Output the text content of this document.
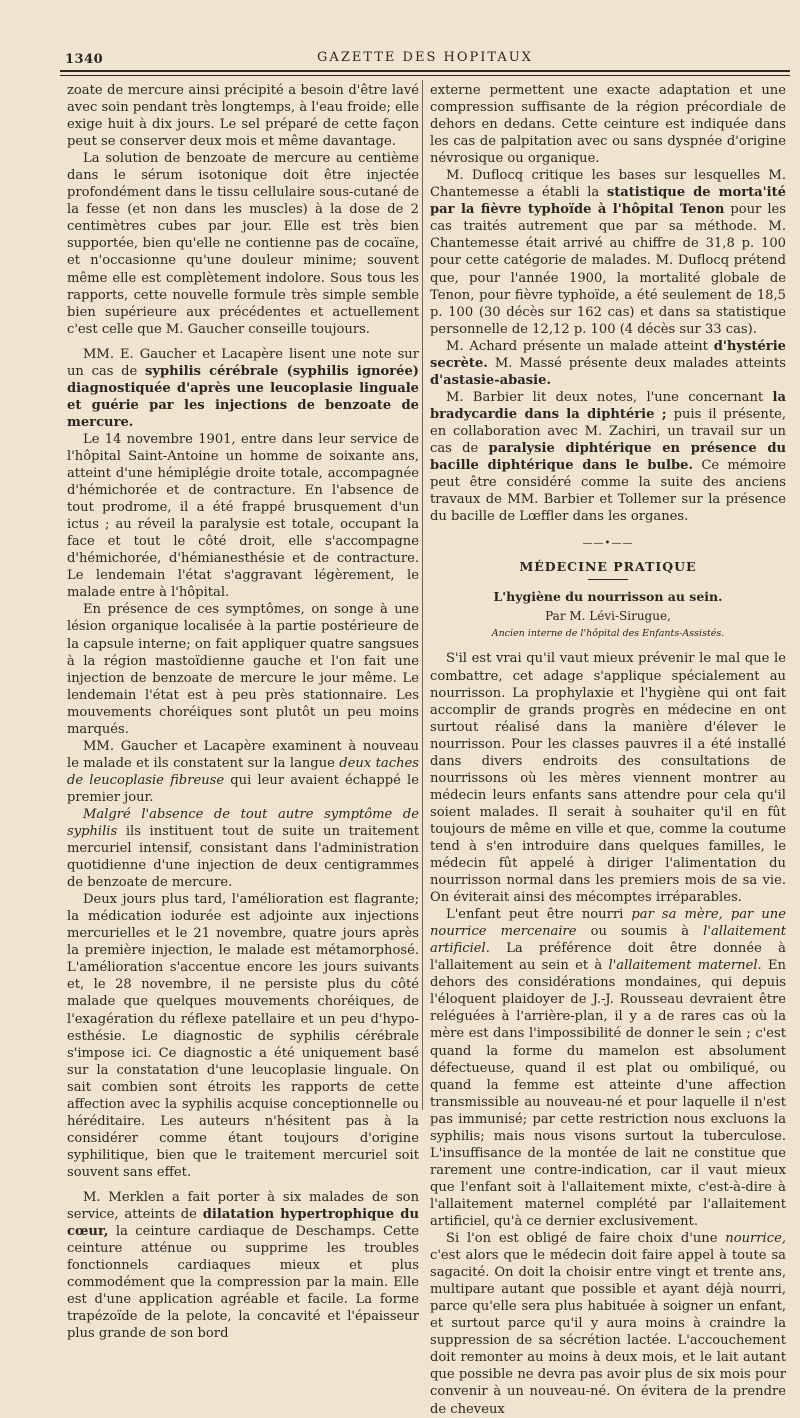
1340	GAZETTE DES HOPITAUX

zoate de mercure ainsi précipité a besoin d'être lavé avec soin pendant très longtemps, à l'eau froide; elle exige huit à dix jours. Le sel préparé de cette façon peut se conserver deux mois et même davantage.

La solution de benzoate de mercure au centième dans le sérum isotonique doit être injectée profondément dans le tissu cellulaire sous-cutané de la fesse (et non dans les muscles) à la dose de 2 centimètres cubes par jour. Elle est très bien supportée, bien qu'elle ne contienne pas de cocaïne, et n'occasionne qu'une douleur minime; souvent même elle est complètement indolore. Sous tous les rapports, cette nouvelle formule très simple semble bien supérieure aux précédentes et actuellement c'est celle que M. Gaucher conseille toujours.

MM. E. Gaucher et Lacapère lisent une note sur un cas de syphilis cérébrale (syphilis ignorée) diagnostiquée d'après une leucoplasie linguale et guérie par les injections de benzoate de mercure.

Le 14 novembre 1901, entre dans leur service de l'hôpital Saint-Antoine un homme de soixante ans, atteint d'une hémiplégie droite totale, accompagnée d'hémichorée et de contracture. En l'absence de tout prodrome, il a été frappé brusquement d'un ictus ; au réveil la paralysie est totale, occupant la face et tout le côté droit, elle s'accompagne d'hémichorée, d'hémianesthésie et de contracture. Le lendemain l'état s'aggravant légèrement, le malade entre à l'hôpital.

En présence de ces symptômes, on songe à une lésion organique localisée à la partie postérieure de la capsule interne; on fait appliquer quatre sangsues à la région mastoïdienne gauche et l'on fait une injection de benzoate de mercure le jour même. Le lendemain l'état est à peu près stationnaire. Les mouvements choréiques sont plutôt un peu moins marqués.

MM. Gaucher et Lacapère examinent à nouveau le malade et ils constatent sur la langue deux taches de leucoplasie fibreuse qui leur avaient échappé le premier jour.

Malgré l'absence de tout autre symptôme de syphilis ils instituent tout de suite un traitement mercuriel intensif, consistant dans l'administration quotidienne d'une injection de deux centigrammes de benzoate de mercure.

Deux jours plus tard, l'amélioration est flagrante; la médication iodurée est adjointe aux injections mercurielles et le 21 novembre, quatre jours après la première injection, le malade est métamorphosé. L'amélioration s'accentue encore les jours suivants et, le 28 novembre, il ne persiste plus du côté malade que quelques mouvements choréiques, de l'exagération du réflexe patellaire et un peu d'hypo-esthésie. Le diagnostic de syphilis cérébrale s'impose ici. Ce diagnostic a été uniquement basé sur la constatation d'une leucoplasie linguale. On sait combien sont étroits les rapports de cette affection avec la syphilis acquise conceptionnelle ou héréditaire. Les auteurs n'hésitent pas à la considérer comme étant toujours d'origine syphilitique, bien que le traitement mercuriel soit souvent sans effet.

M. Merklen a fait porter à six malades de son service, atteints de dilatation hypertrophique du cœur, la ceinture cardiaque de Deschamps. Cette ceinture atténue ou supprime les troubles fonctionnels cardiaques mieux et plus commodément que la compression par la main. Elle est d'une application agréable et facile. La forme trapézoïde de la pelote, la concavité et l'épaisseur plus grande de son bord

externe permettent une exacte adaptation et une compression suffisante de la région précordiale de dehors en dedans. Cette ceinture est indiquée dans les cas de palpitation avec ou sans dyspnée d'origine névrosique ou organique.

M. Duflocq critique les bases sur lesquelles M. Chantemesse a établi la statistique de morta'ité par la fièvre typhoïde à l'hôpital Tenon pour les cas traités autrement que par sa méthode. M. Chantemesse était arrivé au chiffre de 31,8 p. 100 pour cette catégorie de malades. M. Duflocq prétend que, pour l'année 1900, la mortalité globale de Tenon, pour fièvre typhoïde, a été seulement de 18,5 p. 100 (30 décès sur 162 cas) et dans sa statistique personnelle de 12,12 p. 100 (4 décès sur 33 cas).

M. Achard présente un malade atteint d'hystérie secrète. M. Massé présente deux malades atteints d'astasie-abasie.

M. Barbier lit deux notes, l'une concernant la bradycardie dans la diphtérie ; puis il présente, en collaboration avec M. Zachiri, un travail sur un cas de paralysie diphtérique en présence du bacille diphtérique dans le bulbe. Ce mémoire peut être considéré comme la suite des anciens travaux de MM. Barbier et Tollemer sur la présence du bacille de Lœffler dans les organes.

——•——
MÉDECINE PRATIQUE
L'hygiène du nourrisson au sein.
Par M. Lévi-Sirugue,
Ancien interne de l'hôpital des Enfants-Assistés.

S'il est vrai qu'il vaut mieux prévenir le mal que le combattre, cet adage s'applique spécialement au nourrisson. La prophylaxie et l'hygiène qui ont fait accomplir de grands progrès en médecine en ont surtout réalisé dans la manière d'élever le nourrisson. Pour les classes pauvres il a été installé dans divers endroits des consultations de nourrissons où les mères viennent montrer au médecin leurs enfants sans attendre pour cela qu'il soient malades. Il serait à souhaiter qu'il en fût toujours de même en ville et que, comme la coutume tend à s'en introduire dans quelques familles, le médecin fût appelé à diriger l'alimentation du nourrisson normal dans les premiers mois de sa vie. On éviterait ainsi des mécomptes irréparables.

L'enfant peut être nourri par sa mère, par une nourrice mercenaire ou soumis à l'allaitement artificiel. La préférence doit être donnée à l'allaitement au sein et à l'allaitement maternel. En dehors des considérations mondaines, qui depuis l'éloquent plaidoyer de J.-J. Rousseau devraient être reléguées à l'arrière-plan, il y a de rares cas où la mère est dans l'impossibilité de donner le sein ; c'est quand la forme du mamelon est absolument défectueuse, quand il est plat ou ombiliqué, ou quand la femme est atteinte d'une affection transmissible au nouveau-né et pour laquelle il n'est pas immunisé; par cette restriction nous excluons la syphilis; mais nous visons surtout la tuberculose. L'insuffisance de la montée de lait ne constitue que rarement une contre-indication, car il vaut mieux que l'enfant soit à l'allaitement mixte, c'est-à-dire à l'allaitement maternel complété par l'allaitement artificiel, qu'à ce dernier exclusivement.

Si l'on est obligé de faire choix d'une nourrice, c'est alors que le médecin doit faire appel à toute sa sagacité. On doit la choisir entre vingt et trente ans, multipare autant que possible et ayant déjà nourri, parce qu'elle sera plus habituée à soigner un enfant, et surtout parce qu'il y aura moins à craindre la suppression de sa sécrétion lactée. L'accouchement doit remonter au moins à deux mois, et le lait autant que possible ne devra pas avoir plus de six mois pour convenir à un nouveau-né. On évitera de la prendre de cheveux
